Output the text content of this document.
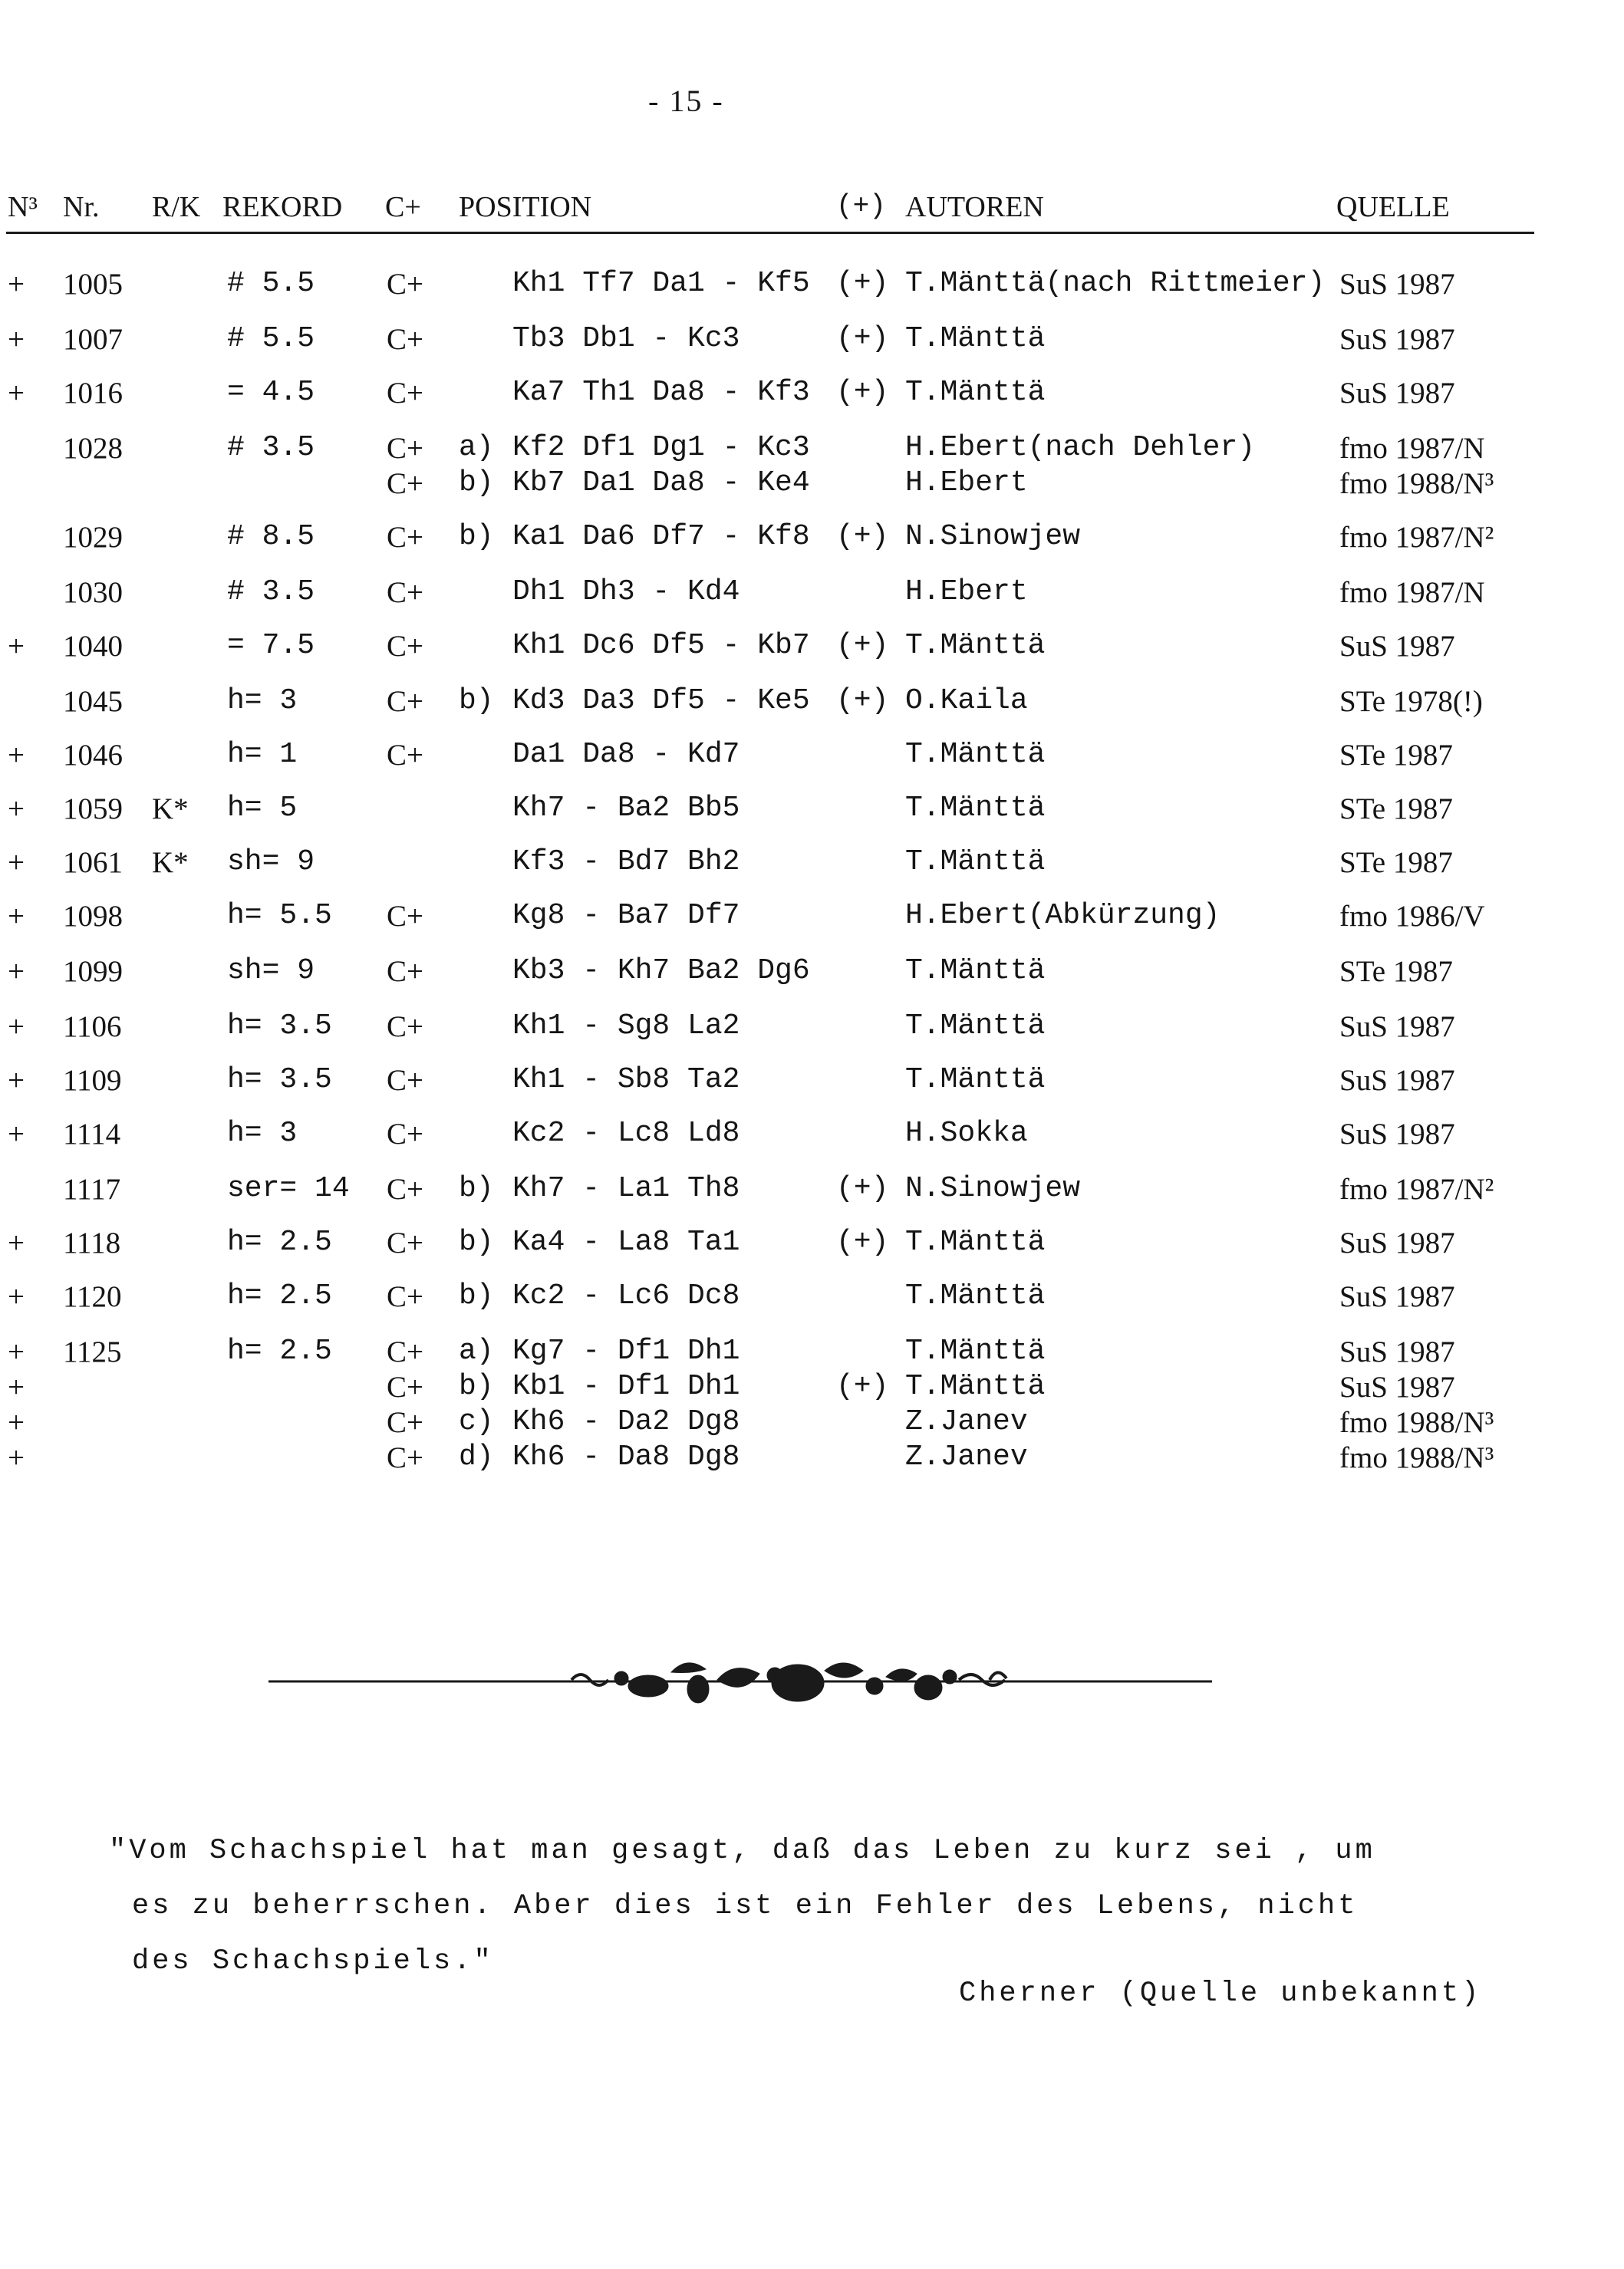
- 15 -
N³ Nr. R/K REKORD C+ POSITION	(+) AUTOREN	QUELLE
+ 1005	# 5.5 C+	Kh1 Tf7 Da1 - Kf5 (+) T.Mänttä(nach Rittmeier) SuS 1987
+ 1007	# 5.5 C+	Tb3 Db1 - Kc3	(+) T.Mänttä	SuS 1987
+ 1016	= 4.5 C+	Ka7 Th1 Da8 - Kf3 (+) T.Mänttä	SuS 1987
1028	# 3.5 C+ a) Kf2 Df1 Dg1 - Kc3	H.Ebert(nach Dehler)	fmo 1987/N
C+ b) Kb7 Da1 Da8 - Ke4	H.Ebert	fmo 1988/N³
1029	# 8.5 C+ b) Ka1 Da6 Df7 - Kf8 (+) N.Sinowjew	fmo 1987/N²
1030	# 3.5 C+	Dh1 Dh3 - Kd4	H.Ebert	fmo 1987/N
+ 1040	= 7.5 C+	Kh1 Dc6 Df5 - Kb7 (+) T.Mänttä	SuS 1987
1045	h= 3	C+ b) Kd3 Da3 Df5 - Ke5 (+) O.Kaila	STe 1978(!)
+ 1046	h= 1	C+	Da1 Da8 - Kd7	T.Mänttä	STe 1987
+ 1059 K* h= 5	Kh7 - Ba2 Bb5	T.Mänttä	STe 1987
+ 1061 K* sh= 9	Kf3 - Bd7 Bh2	T.Mänttä	STe 1987
+ 1098	h= 5.5 C+	Kg8 - Ba7 Df7	H.Ebert(Abkürzung)	fmo 1986/V
+ 1099	sh= 9 C+	Kb3 - Kh7 Ba2 Dg6	T.Mänttä	STe 1987
+ 1106	h= 3.5 C+	Kh1 - Sg8 La2	T.Mänttä	SuS 1987
+ 1109	h= 3.5 C+	Kh1 - Sb8 Ta2	T.Mänttä	SuS 1987
+ 1114	h= 3	C+	Kc2 - Lc8 Ld8	H.Sokka	SuS 1987
1117	ser= 14 C+ b) Kh7 - La1 Th8	(+) N.Sinowjew	fmo 1987/N²
+ 1118	h= 2.5 C+ b) Ka4 - La8 Ta1	(+) T.Mänttä	SuS 1987
+ 1120	h= 2.5 C+ b) Kc2 - Lc6 Dc8	T.Mänttä	SuS 1987
+ 1125	h= 2.5 C+ a) Kg7 - Df1 Dh1	T.Mänttä	SuS 1987
+	C+ b) Kb1 - Df1 Dh1	(+) T.Mänttä	SuS 1987
+	C+ c) Kh6 - Da2 Dg8	Z.Janev	fmo 1988/N³
+	C+ d) Kh6 - Da8 Dg8	Z.Janev	fmo 1988/N³
"Vom Schachspiel hat man gesagt, daß das Leben zu kurz sei , um
es zu beherrschen. Aber dies ist ein Fehler des Lebens, nicht
des Schachspiels."
Cherner (Quelle unbekannt)
